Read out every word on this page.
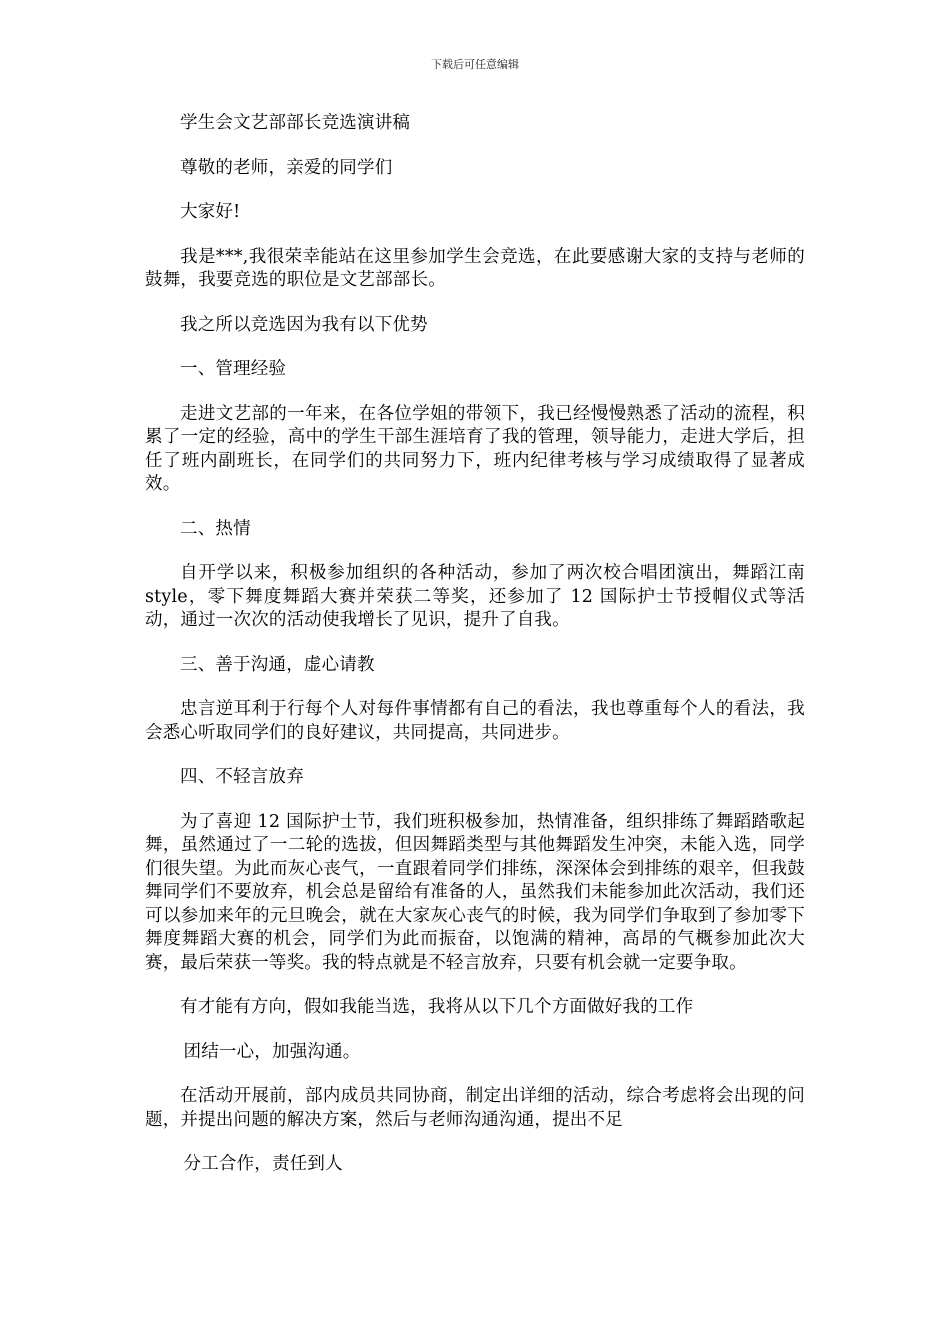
下载后可任意编辑

学生会文艺部部长竞选演讲稿

尊敬的老师，亲爱的同学们

大家好!

我是***,我很荣幸能站在这里参加学生会竞选，在此要感谢大家的支持与老师的鼓舞，我要竞选的职位是文艺部部长。

我之所以竞选因为我有以下优势

一、管理经验

走进文艺部的一年来，在各位学姐的带领下，我已经慢慢熟悉了活动的流程，积累了一定的经验，高中的学生干部生涯培育了我的管理，领导能力，走进大学后，担任了班内副班长，在同学们的共同努力下，班内纪律考核与学习成绩取得了显著成效。

二、热情

自开学以来，积极参加组织的各种活动，参加了两次校合唱团演出，舞蹈江南 style，零下舞度舞蹈大赛并荣获二等奖，还参加了 12 国际护士节授帽仪式等活动，通过一次次的活动使我增长了见识，提升了自我。

三、善于沟通，虚心请教

忠言逆耳利于行每个人对每件事情都有自己的看法，我也尊重每个人的看法，我会悉心听取同学们的良好建议，共同提高，共同进步。

四、不轻言放弃

为了喜迎 12 国际护士节，我们班积极参加，热情准备，组织排练了舞蹈踏歌起舞，虽然通过了一二轮的选拔，但因舞蹈类型与其他舞蹈发生冲突，未能入选，同学们很失望。为此而灰心丧气，一直跟着同学们排练，深深体会到排练的艰辛，但我鼓舞同学们不要放弃，机会总是留给有准备的人，虽然我们未能参加此次活动，我们还可以参加来年的元旦晚会，就在大家灰心丧气的时候，我为同学们争取到了参加零下舞度舞蹈大赛的机会，同学们为此而振奋，以饱满的精神，高昂的气概参加此次大赛，最后荣获一等奖。我的特点就是不轻言放弃，只要有机会就一定要争取。

有才能有方向，假如我能当选，我将从以下几个方面做好我的工作

团结一心，加强沟通。

在活动开展前，部内成员共同协商，制定出详细的活动，综合考虑将会出现的问题，并提出问题的解决方案，然后与老师沟通沟通，提出不足

分工合作，责任到人
